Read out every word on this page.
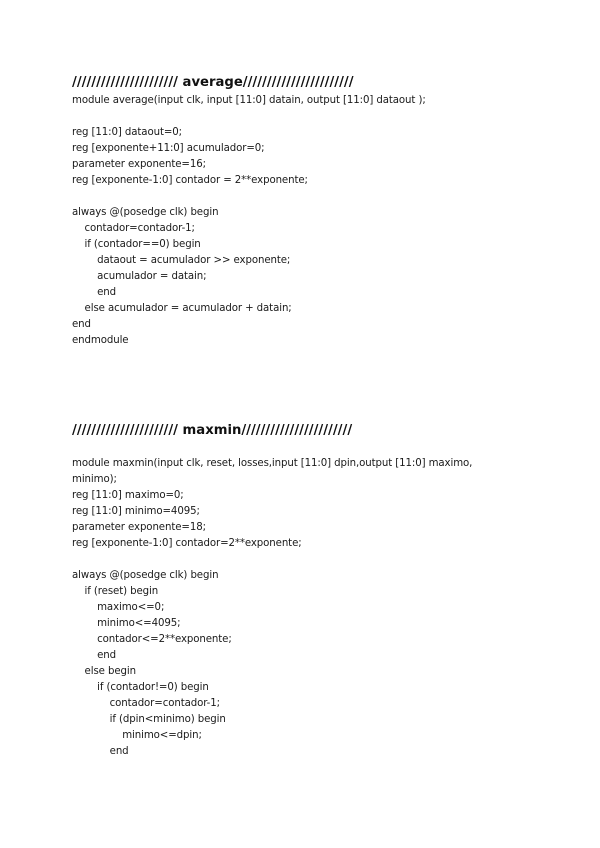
////////////////////// average///////////////////////
module average(input clk, input [11:0] datain, output [11:0] dataout );
reg [11:0] dataout=0;
reg [exponente+11:0] acumulador=0;
parameter exponente=16;
reg [exponente-1:0] contador = 2**exponente;
always @(posedge clk) begin
contador=contador-1;
if (contador==0) begin
dataout = acumulador >> exponente;
acumulador = datain;
end
else acumulador = acumulador + datain;
end
endmodule
////////////////////// maxmin///////////////////////
module maxmin(input clk, reset, losses,input [11:0] dpin,output [11:0] maximo,
minimo);
reg [11:0] maximo=0;
reg [11:0] minimo=4095;
parameter exponente=18;
reg [exponente-1:0] contador=2**exponente;
always @(posedge clk) begin
if (reset) begin
maximo<=0;
minimo<=4095;
contador<=2**exponente;
end
else begin
if (contador!=0) begin
contador=contador-1;
if (dpin<minimo) begin
minimo<=dpin;
end
